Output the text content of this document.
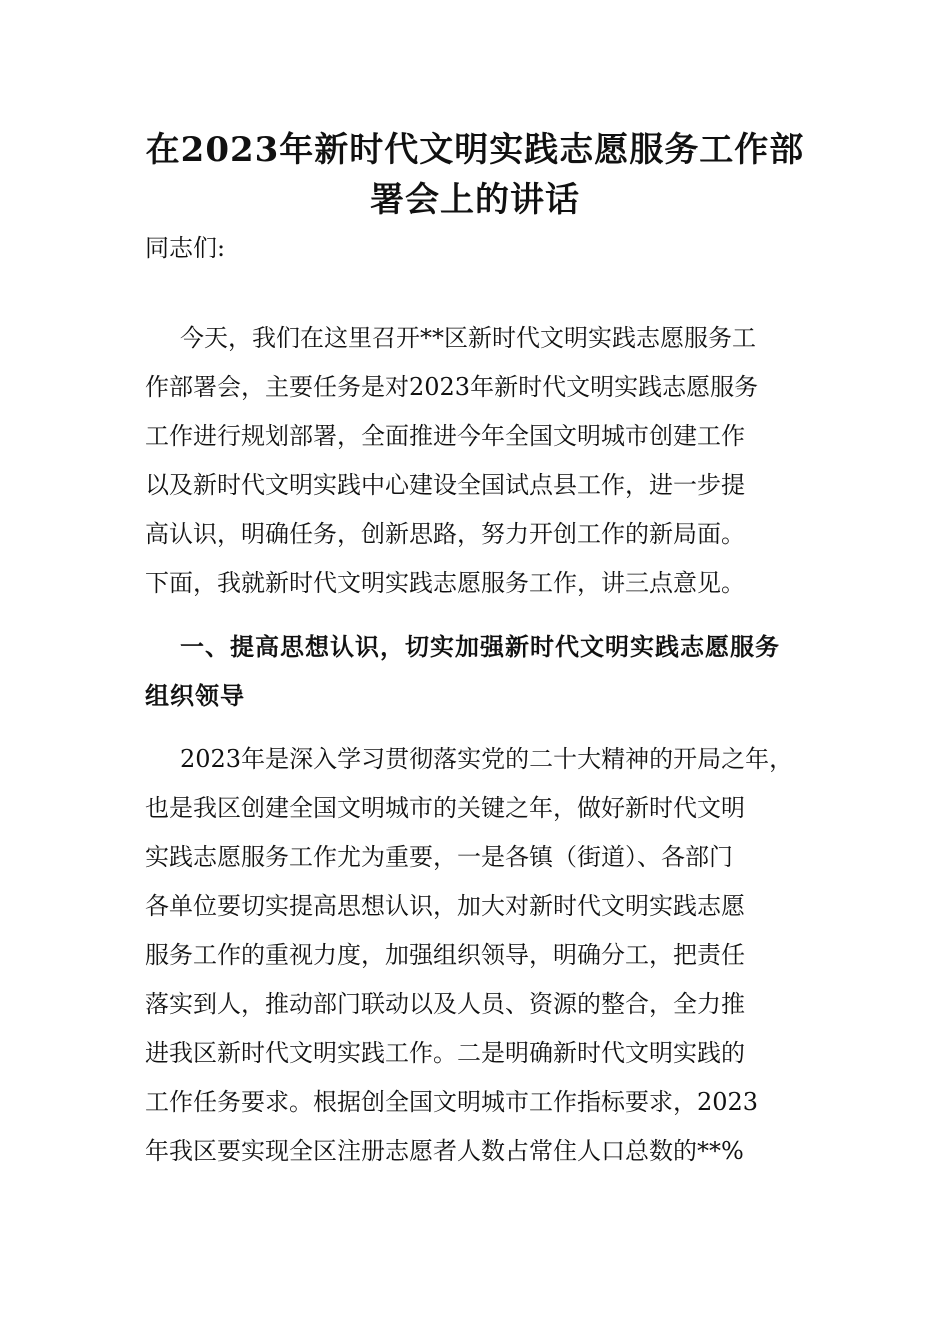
在2023年新时代文明实践志愿服务工作部
署会上的讲话
同志们:
今天，我们在这里召开**区新时代文明实践志愿服务工
作部署会，主要任务是对2023年新时代文明实践志愿服务
工作进行规划部署，全面推进今年全国文明城市创建工作
以及新时代文明实践中心建设全国试点县工作，进一步提
高认识，明确任务，创新思路，努力开创工作的新局面。
下面，我就新时代文明实践志愿服务工作，讲三点意见。
一、提高思想认识，切实加强新时代文明实践志愿服务
组织领导
2023年是深入学习贯彻落实党的二十大精神的开局之年，
也是我区创建全国文明城市的关键之年，做好新时代文明
实践志愿服务工作尤为重要，一是各镇（街道）、各部门
各单位要切实提高思想认识，加大对新时代文明实践志愿
服务工作的重视力度，加强组织领导，明确分工，把责任
落实到人，推动部门联动以及人员、资源的整合，全力推
进我区新时代文明实践工作。二是明确新时代文明实践的
工作任务要求。根据创全国文明城市工作指标要求，2023
年我区要实现全区注册志愿者人数占常住人口总数的**%
